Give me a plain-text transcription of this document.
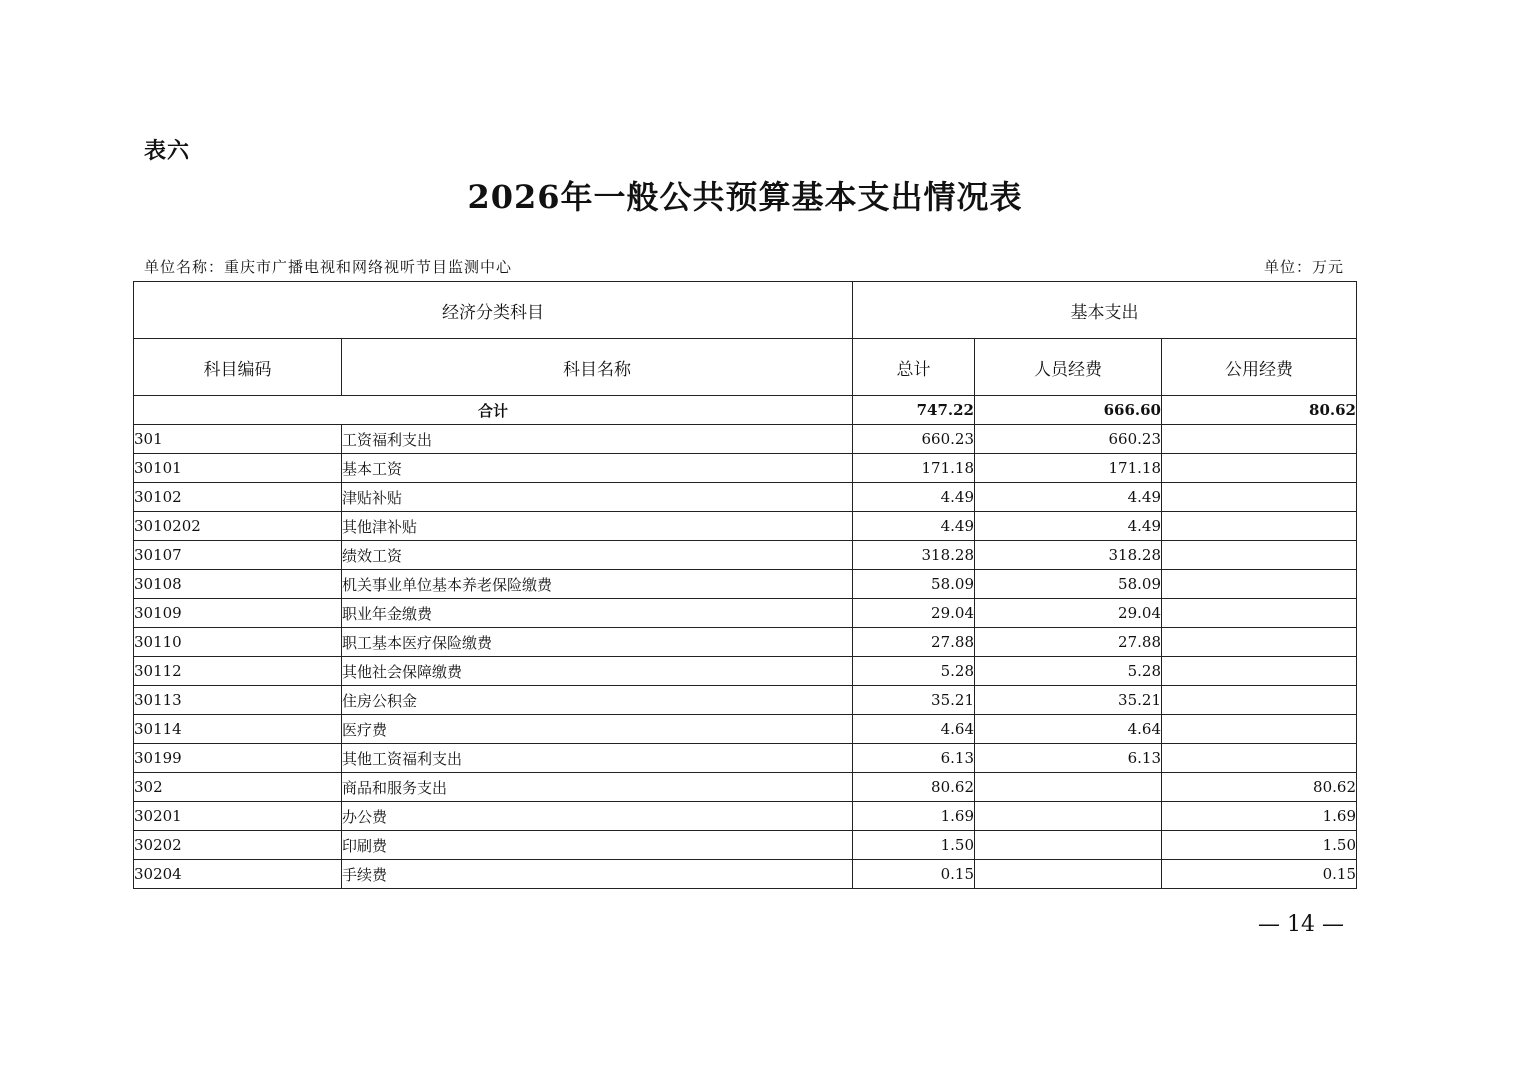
表六
2026年一般公共预算基本支出情况表
单位名称：重庆市广播电视和网络视听节目监测中心	单位：万元
经济分类科目		基本支出		
科目编码	科目名称	总计	人员经费	公用经费
合计		747.22	666.60	80.62
301	工资福利支出	660.23	660.23	
30101	基本工资	171.18	171.18	
30102	津贴补贴	4.49	4.49	
3010202	其他津补贴	4.49	4.49	
30107	绩效工资	318.28	318.28	
30108	机关事业单位基本养老保险缴费	58.09	58.09	
30109	职业年金缴费	29.04	29.04	
30110	职工基本医疗保险缴费	27.88	27.88	
30112	其他社会保障缴费	5.28	5.28	
30113	住房公积金	35.21	35.21	
30114	医疗费	4.64	4.64	
30199	其他工资福利支出	6.13	6.13	
302	商品和服务支出	80.62		80.62
30201	办公费	1.69		1.69
30202	印刷费	1.50		1.50
30204	手续费	0.15		0.15
— 14 —
